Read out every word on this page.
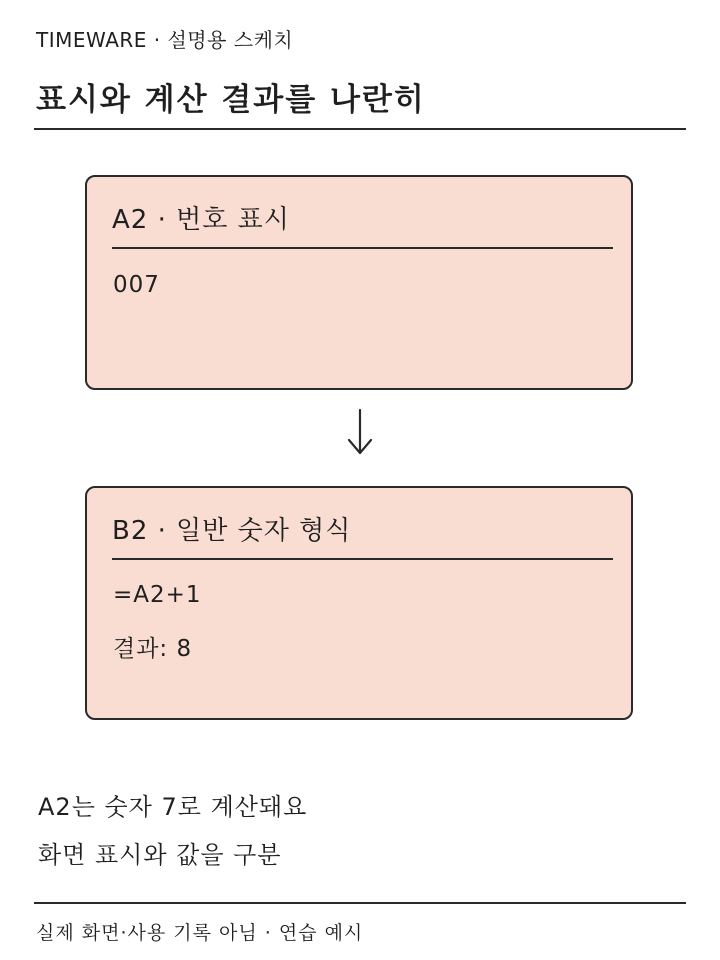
TIMEWARE · 설명용 스케치
표시와 계산 결과를 나란히
A2 · 번호 표시
007
B2 · 일반 숫자 형식
=A2+1
결과: 8
A2는 숫자 7로 계산돼요
화면 표시와 값을 구분
실제 화면·사용 기록 아님 · 연습 예시
